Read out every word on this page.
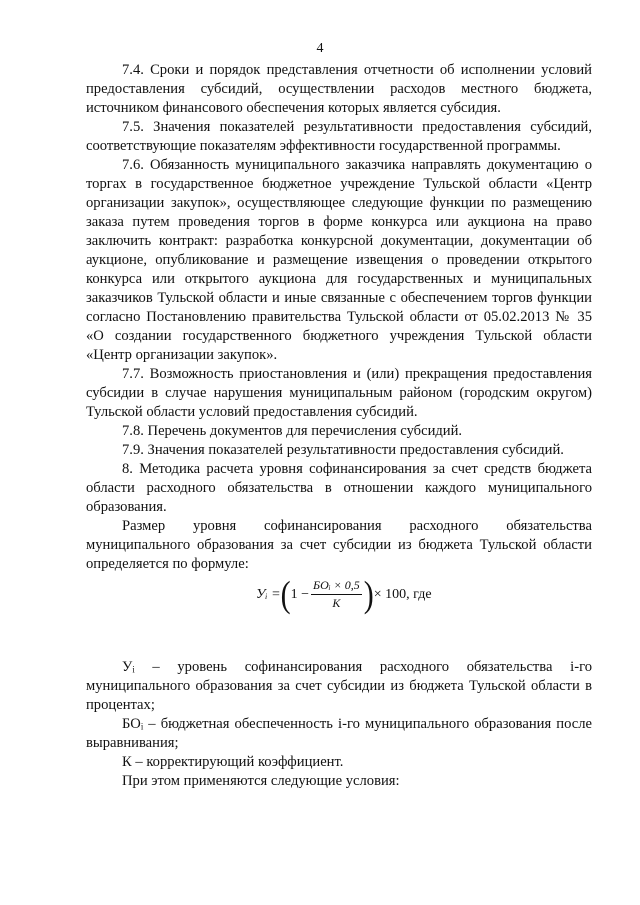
4

7.4. Сроки и порядок представления отчетности об исполнении условий предоставления субсидий, осуществлении расходов местного бюджета, источником финансового обеспечения которых является субсидия.

7.5. Значения показателей результативности предоставления субсидий, соответствующие показателям эффективности государственной программы.

7.6. Обязанность муниципального заказчика направлять документацию о торгах в государственное бюджетное учреждение Тульской области «Центр организации закупок», осуществляющее следующие функции по размещению заказа путем проведения торгов в форме конкурса или аукциона на право заключить контракт: разработка конкурсной документации, документации об аукционе, опубликование и размещение извещения о проведении открытого конкурса или открытого аукциона для государственных и муниципальных заказчиков Тульской области и иные связанные с обеспечением торгов функции согласно Постановлению правительства Тульской области от 05.02.2013 № 35 «О создании государственного бюджетного учреждения Тульской области «Центр организации закупок».

7.7. Возможность приостановления и (или) прекращения предоставления субсидии в случае нарушения муниципальным районом (городским округом) Тульской области условий предоставления субсидий.

7.8. Перечень документов для перечисления субсидий.

7.9. Значения показателей результативности предоставления субсидий.

8. Методика расчета уровня софинансирования за счет средств бюджета области расходного обязательства в отношении каждого муниципального образования.

Размер уровня софинансирования расходного обязательства муниципального образования за счет субсидии из бюджета Тульской области определяется по формуле:

Уᵢ = ( $1 - \frac{\text{БОᵢ × 0,5}}{К}$ ) × 100, где

Уᵢ – уровень софинансирования расходного обязательства i-го муниципального образования за счет субсидии из бюджета Тульской области в процентах;

БОᵢ – бюджетная обеспеченность i-го муниципального образования после выравнивания;

К – корректирующий коэффициент.

При этом применяются следующие условия:
